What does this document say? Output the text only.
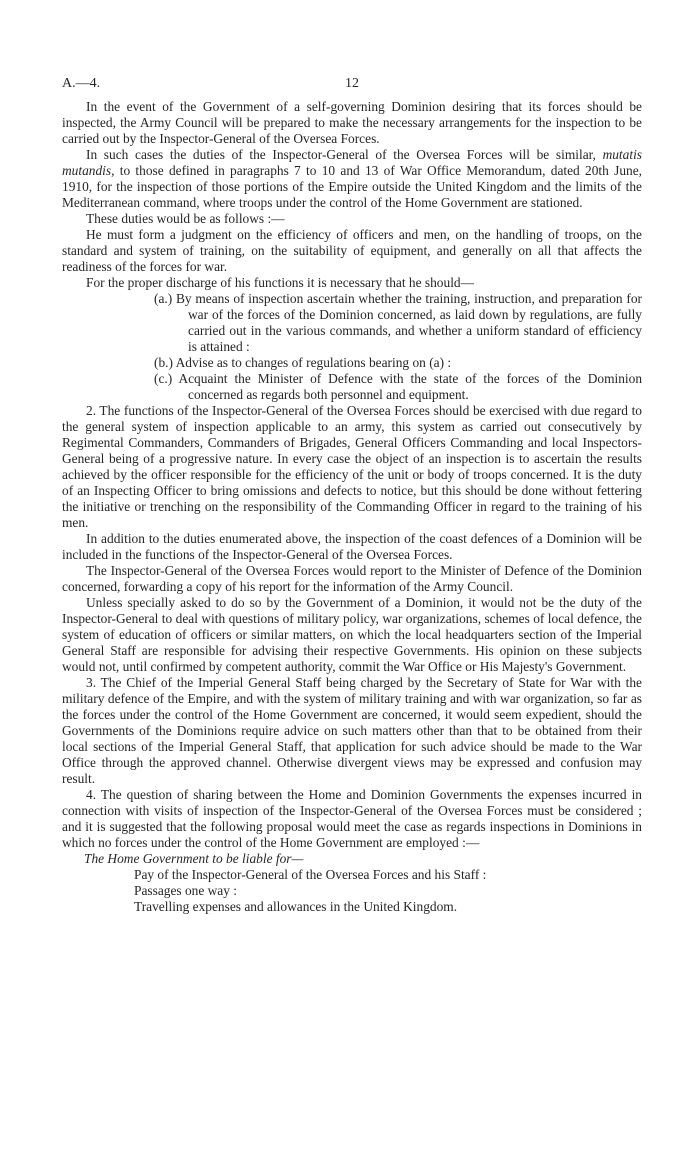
A.—4.	12

In the event of the Government of a self-governing Dominion desiring that its forces should be inspected, the Army Council will be prepared to make the necessary arrangements for the inspection to be carried out by the Inspector-General of the Oversea Forces.

In such cases the duties of the Inspector-General of the Oversea Forces will be similar, mutatis mutandis, to those defined in paragraphs 7 to 10 and 13 of War Office Memorandum, dated 20th June, 1910, for the inspection of those portions of the Empire outside the United Kingdom and the limits of the Mediterranean command, where troops under the control of the Home Government are stationed.

These duties would be as follows :—

He must form a judgment on the efficiency of officers and men, on the handling of troops, on the standard and system of training, on the suitability of equipment, and generally on all that affects the readiness of the forces for war.

For the proper discharge of his functions it is necessary that he should—

(a.) By means of inspection ascertain whether the training, instruction, and preparation for war of the forces of the Dominion concerned, as laid down by regulations, are fully carried out in the various commands, and whether a uniform standard of efficiency is attained :

(b.) Advise as to changes of regulations bearing on (a) :

(c.) Acquaint the Minister of Defence with the state of the forces of the Dominion concerned as regards both personnel and equipment.

2. The functions of the Inspector-General of the Oversea Forces should be exercised with due regard to the general system of inspection applicable to an army, this system as carried out consecutively by Regimental Commanders, Commanders of Brigades, General Officers Commanding and local Inspectors-General being of a progressive nature. In every case the object of an inspection is to ascertain the results achieved by the officer responsible for the efficiency of the unit or body of troops concerned. It is the duty of an Inspecting Officer to bring omissions and defects to notice, but this should be done without fettering the initiative or trenching on the responsibility of the Commanding Officer in regard to the training of his men.

In addition to the duties enumerated above, the inspection of the coast defences of a Dominion will be included in the functions of the Inspector-General of the Oversea Forces.

The Inspector-General of the Oversea Forces would report to the Minister of Defence of the Dominion concerned, forwarding a copy of his report for the information of the Army Council.

Unless specially asked to do so by the Government of a Dominion, it would not be the duty of the Inspector-General to deal with questions of military policy, war organizations, schemes of local defence, the system of education of officers or similar matters, on which the local headquarters section of the Imperial General Staff are responsible for advising their respective Governments. His opinion on these subjects would not, until confirmed by competent authority, commit the War Office or His Majesty's Government.

3. The Chief of the Imperial General Staff being charged by the Secretary of State for War with the military defence of the Empire, and with the system of military training and with war organization, so far as the forces under the control of the Home Government are concerned, it would seem expedient, should the Governments of the Dominions require advice on such matters other than that to be obtained from their local sections of the Imperial General Staff, that application for such advice should be made to the War Office through the approved channel. Otherwise divergent views may be expressed and confusion may result.

4. The question of sharing between the Home and Dominion Governments the expenses incurred in connection with visits of inspection of the Inspector-General of the Oversea Forces must be considered ; and it is suggested that the following proposal would meet the case as regards inspections in Dominions in which no forces under the control of the Home Government are employed :—

The Home Government to be liable for—

Pay of the Inspector-General of the Oversea Forces and his Staff :

Passages one way :

Travelling expenses and allowances in the United Kingdom.
